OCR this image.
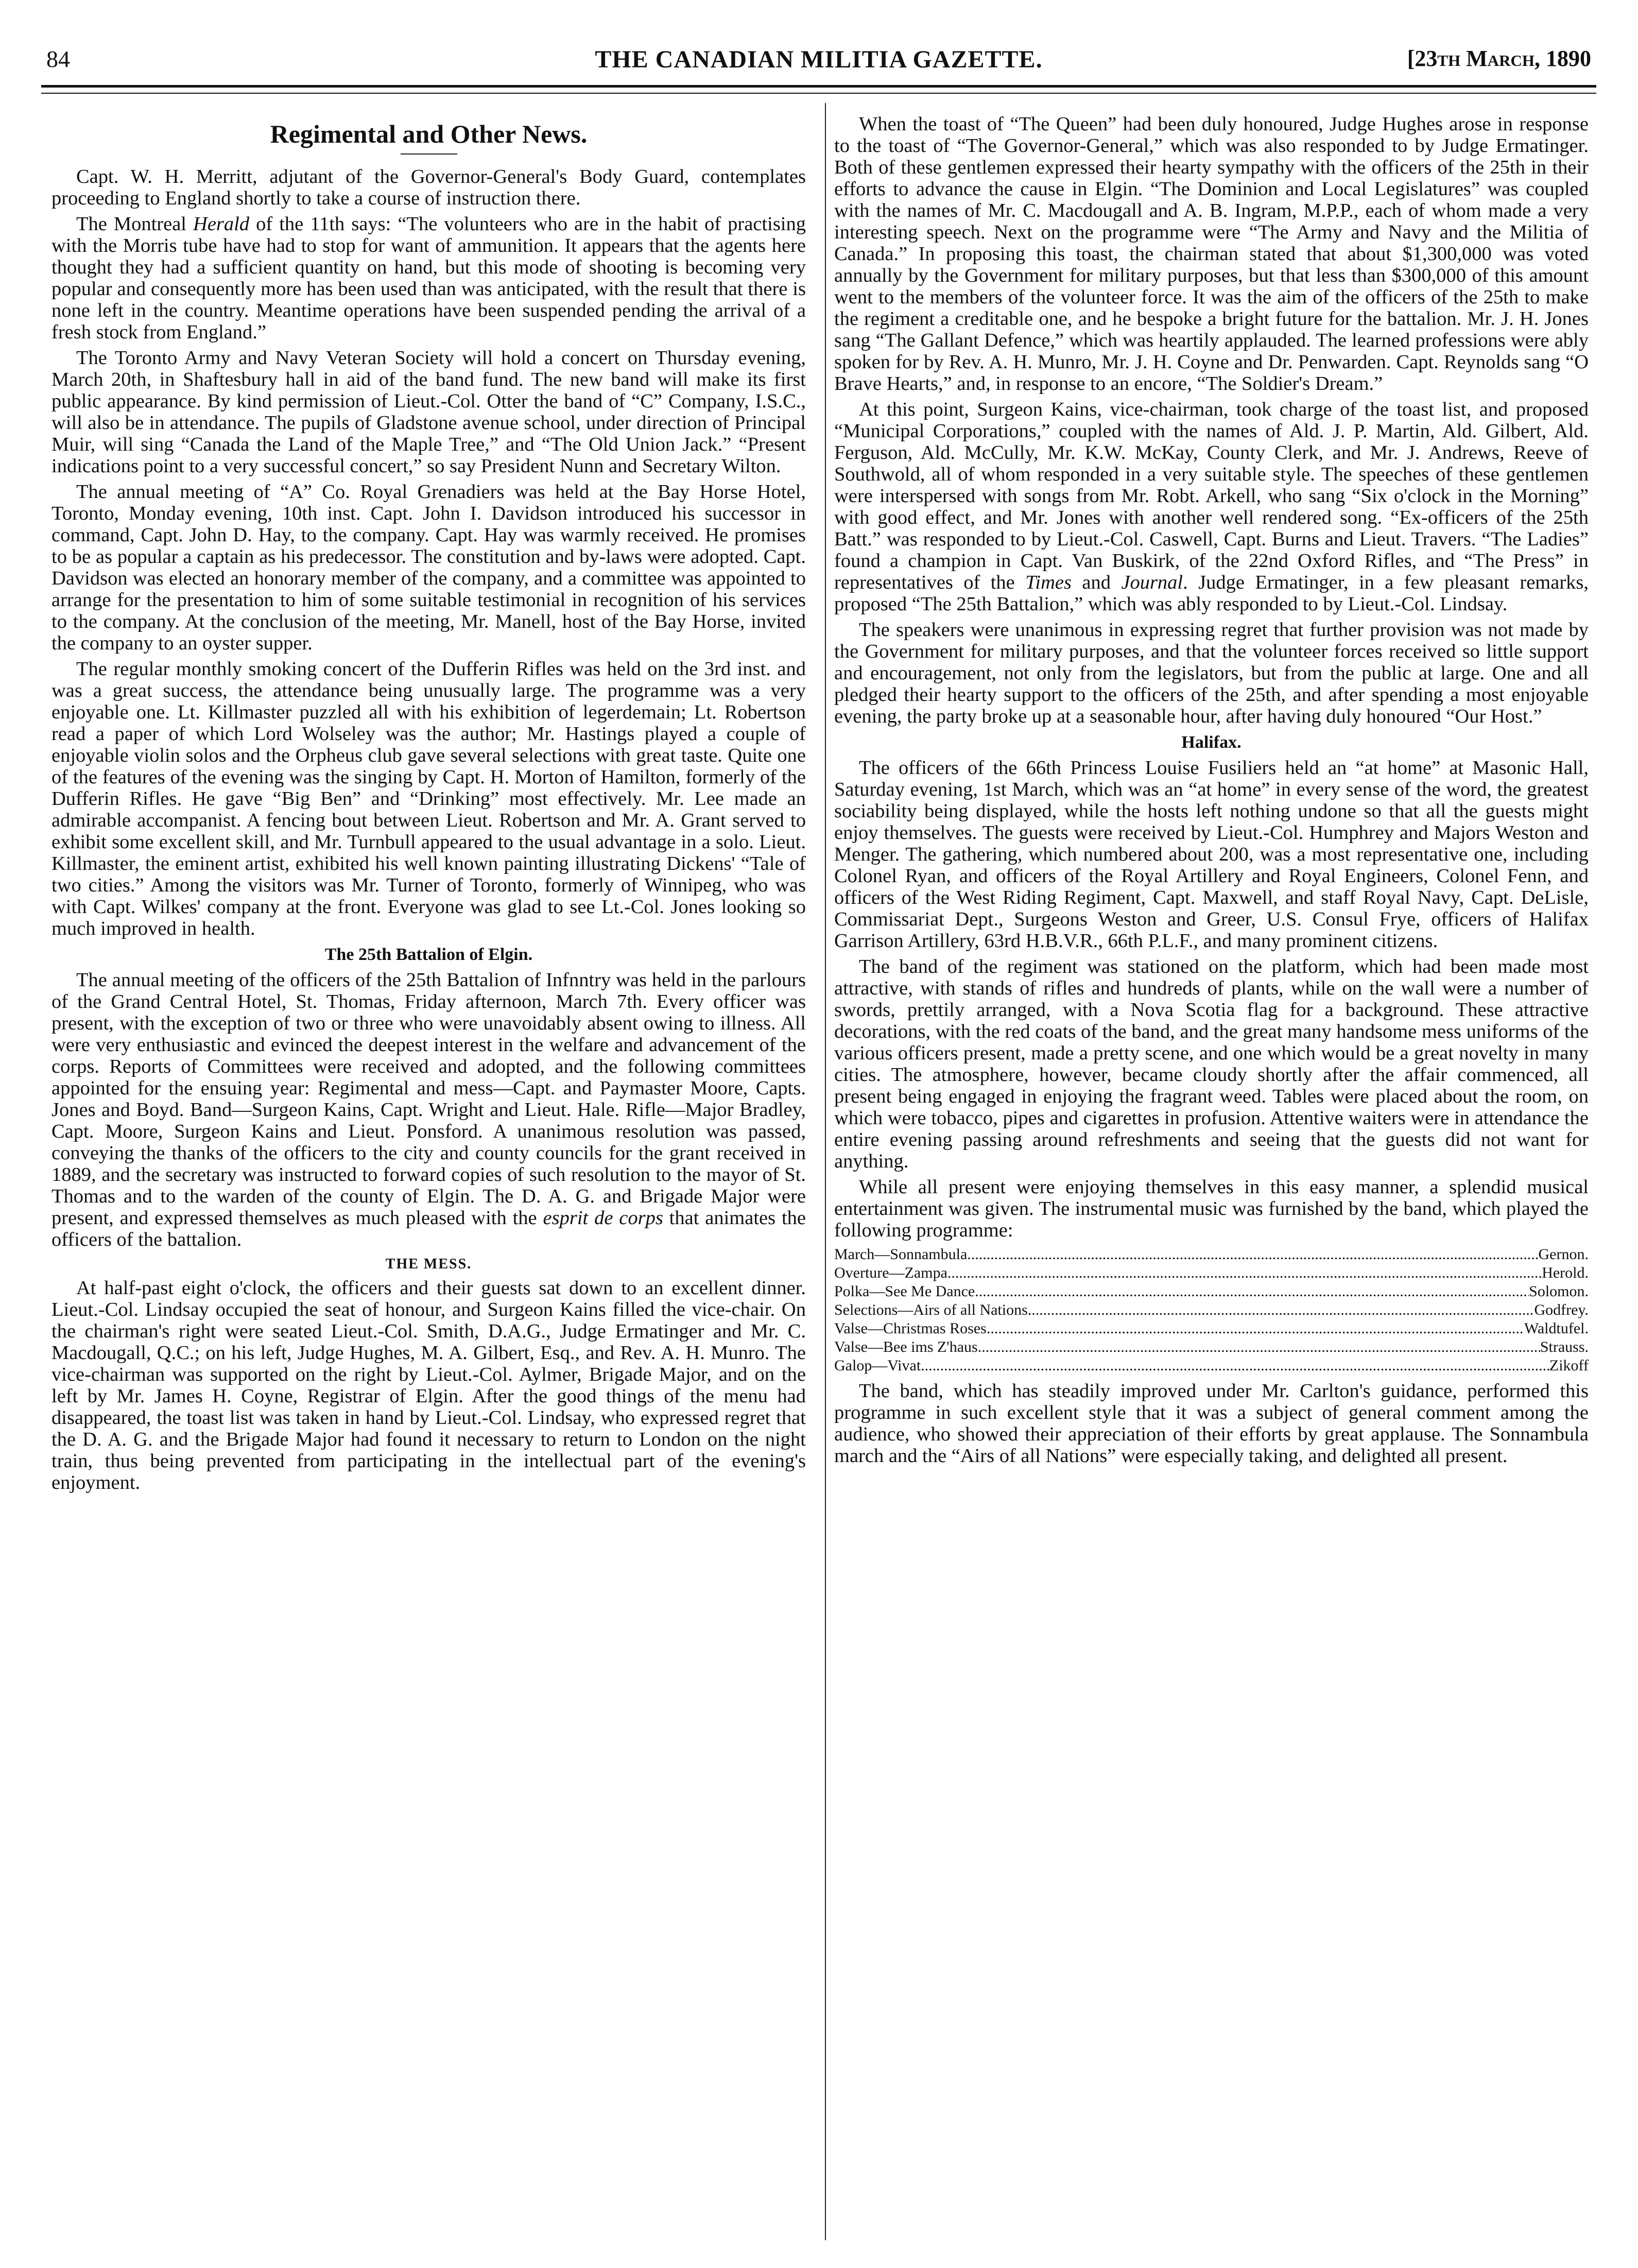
84	THE CANADIAN MILITIA GAZETTE.	[23th March, 1890
Regimental and Other News.

Capt. W. H. Merritt, adjutant of the Governor-General's Body Guard, contemplates proceeding to England shortly to take a course of instruction there.

The Montreal Herald of the 11th says: “The volunteers who are in the habit of practising with the Morris tube have had to stop for want of ammunition. It appears that the agents here thought they had a sufficient quantity on hand, but this mode of shooting is becoming very popular and consequently more has been used than was anticipated, with the result that there is none left in the country. Meantime operations have been suspended pending the arrival of a fresh stock from England.”

The Toronto Army and Navy Veteran Society will hold a concert on Thursday evening, March 20th, in Shaftesbury hall in aid of the band fund. The new band will make its first public appearance. By kind permission of Lieut.-Col. Otter the band of “C” Company, I.S.C., will also be in attendance. The pupils of Gladstone avenue school, under direction of Principal Muir, will sing “Canada the Land of the Maple Tree,” and “The Old Union Jack.” “Present indications point to a very successful concert,” so say President Nunn and Secretary Wilton.

The annual meeting of “A” Co. Royal Grenadiers was held at the Bay Horse Hotel, Toronto, Monday evening, 10th inst. Capt. John I. Davidson introduced his successor in command, Capt. John D. Hay, to the company. Capt. Hay was warmly received. He promises to be as popular a captain as his predecessor. The constitution and by-laws were adopted. Capt. Davidson was elected an honorary member of the company, and a committee was appointed to arrange for the presentation to him of some suitable testimonial in recognition of his services to the company. At the conclusion of the meeting, Mr. Manell, host of the Bay Horse, invited the company to an oyster supper.

The regular monthly smoking concert of the Dufferin Rifles was held on the 3rd inst. and was a great success, the attendance being unusually large. The programme was a very enjoyable one. Lt. Killmaster puzzled all with his exhibition of legerdemain; Lt. Robertson read a paper of which Lord Wolseley was the author; Mr. Hastings played a couple of enjoyable violin solos and the Orpheus club gave several selections with great taste. Quite one of the features of the evening was the singing by Capt. H. Morton of Hamilton, formerly of the Dufferin Rifles. He gave “Big Ben” and “Drinking” most effectively. Mr. Lee made an admirable accompanist. A fencing bout between Lieut. Robertson and Mr. A. Grant served to exhibit some excellent skill, and Mr. Turnbull appeared to the usual advantage in a solo. Lieut. Killmaster, the eminent artist, exhibited his well known painting illustrating Dickens' “Tale of two cities.” Among the visitors was Mr. Turner of Toronto, formerly of Winnipeg, who was with Capt. Wilkes' company at the front. Everyone was glad to see Lt.-Col. Jones looking so much improved in health.

The 25th Battalion of Elgin.

The annual meeting of the officers of the 25th Battalion of Infnntry was held in the parlours of the Grand Central Hotel, St. Thomas, Friday afternoon, March 7th. Every officer was present, with the exception of two or three who were unavoidably absent owing to illness. All were very enthusiastic and evinced the deepest interest in the welfare and advancement of the corps. Reports of Committees were received and adopted, and the following committees appointed for the ensuing year: Regimental and mess—Capt. and Paymaster Moore, Capts. Jones and Boyd. Band—Surgeon Kains, Capt. Wright and Lieut. Hale. Rifle—Major Bradley, Capt. Moore, Surgeon Kains and Lieut. Ponsford. A unanimous resolution was passed, conveying the thanks of the officers to the city and county councils for the grant received in 1889, and the secretary was instructed to forward copies of such resolution to the mayor of St. Thomas and to the warden of the county of Elgin. The D. A. G. and Brigade Major were present, and expressed themselves as much pleased with the esprit de corps that animates the officers of the battalion.

THE MESS.

At half-past eight o'clock, the officers and their guests sat down to an excellent dinner. Lieut.-Col. Lindsay occupied the seat of honour, and Surgeon Kains filled the vice-chair. On the chairman's right were seated Lieut.-Col. Smith, D.A.G., Judge Ermatinger and Mr. C. Macdougall, Q.C.; on his left, Judge Hughes, M. A. Gilbert, Esq., and Rev. A. H. Munro. The vice-chairman was supported on the right by Lieut.-Col. Aylmer, Brigade Major, and on the left by Mr. James H. Coyne, Registrar of Elgin. After the good things of the menu had disappeared, the toast list was taken in hand by Lieut.-Col. Lindsay, who expressed regret that the D. A. G. and the Brigade Major had found it necessary to return to London on the night train, thus being prevented from participating in the intellectual part of the evening's enjoyment.

When the toast of “The Queen” had been duly honoured, Judge Hughes arose in response to the toast of “The Governor-General,” which was also responded to by Judge Ermatinger. Both of these gentlemen expressed their hearty sympathy with the officers of the 25th in their efforts to advance the cause in Elgin. “The Dominion and Local Legislatures” was coupled with the names of Mr. C. Macdougall and A. B. Ingram, M.P.P., each of whom made a very interesting speech. Next on the programme were “The Army and Navy and the Militia of Canada.” In proposing this toast, the chairman stated that about $1,300,000 was voted annually by the Government for military purposes, but that less than $300,000 of this amount went to the members of the volunteer force. It was the aim of the officers of the 25th to make the regiment a creditable one, and he bespoke a bright future for the battalion. Mr. J. H. Jones sang “The Gallant Defence,” which was heartily applauded. The learned professions were ably spoken for by Rev. A. H. Munro, Mr. J. H. Coyne and Dr. Penwarden. Capt. Reynolds sang “O Brave Hearts,” and, in response to an encore, “The Soldier's Dream.”

At this point, Surgeon Kains, vice-chairman, took charge of the toast list, and proposed “Municipal Corporations,” coupled with the names of Ald. J. P. Martin, Ald. Gilbert, Ald. Ferguson, Ald. McCully, Mr. K.W. McKay, County Clerk, and Mr. J. Andrews, Reeve of Southwold, all of whom responded in a very suitable style. The speeches of these gentlemen were interspersed with songs from Mr. Robt. Arkell, who sang “Six o'clock in the Morning” with good effect, and Mr. Jones with another well rendered song. “Ex-officers of the 25th Batt.” was responded to by Lieut.-Col. Caswell, Capt. Burns and Lieut. Travers. “The Ladies” found a champion in Capt. Van Buskirk, of the 22nd Oxford Rifles, and “The Press” in representatives of the Times and Journal. Judge Ermatinger, in a few pleasant remarks, proposed “The 25th Battalion,” which was ably responded to by Lieut.-Col. Lindsay.

The speakers were unanimous in expressing regret that further provision was not made by the Government for military purposes, and that the volunteer forces received so little support and encouragement, not only from the legislators, but from the public at large. One and all pledged their hearty support to the officers of the 25th, and after spending a most enjoyable evening, the party broke up at a seasonable hour, after having duly honoured “Our Host.”

Halifax.

The officers of the 66th Princess Louise Fusiliers held an “at home” at Masonic Hall, Saturday evening, 1st March, which was an “at home” in every sense of the word, the greatest sociability being displayed, while the hosts left nothing undone so that all the guests might enjoy themselves. The guests were received by Lieut.-Col. Humphrey and Majors Weston and Menger. The gathering, which numbered about 200, was a most representative one, including Colonel Ryan, and officers of the Royal Artillery and Royal Engineers, Colonel Fenn, and officers of the West Riding Regiment, Capt. Maxwell, and staff Royal Navy, Capt. DeLisle, Commissariat Dept., Surgeons Weston and Greer, U.S. Consul Frye, officers of Halifax Garrison Artillery, 63rd H.B.V.R., 66th P.L.F., and many prominent citizens.

The band of the regiment was stationed on the platform, which had been made most attractive, with stands of rifles and hundreds of plants, while on the wall were a number of swords, prettily arranged, with a Nova Scotia flag for a background. These attractive decorations, with the red coats of the band, and the great many handsome mess uniforms of the various officers present, made a pretty scene, and one which would be a great novelty in many cities. The atmosphere, however, became cloudy shortly after the affair commenced, all present being engaged in enjoying the fragrant weed. Tables were placed about the room, on which were tobacco, pipes and cigarettes in profusion. Attentive waiters were in attendance the entire evening passing around refreshments and seeing that the guests did not want for anything.

While all present were enjoying themselves in this easy manner, a splendid musical entertainment was given. The instrumental music was furnished by the band, which played the following programme:

March—Sonnambula .....	Gernon.
Overture—Zampa .....	Herold.
Polka—See Me Dance .....	Solomon.
Selections—Airs of all Nations .....	Godfrey.
Valse—Christmas Roses .....	Waldtufel.
Valse—Bee ims Z'haus .....	Strauss.
Galop—Vivat .....	Zikoff

The band, which has steadily improved under Mr. Carlton's guidance, performed this programme in such excellent style that it was a subject of general comment among the audience, who showed their appreciation of their efforts by great applause. The Sonnambula march and the “Airs of all Nations” were especially taking, and delighted all present.
